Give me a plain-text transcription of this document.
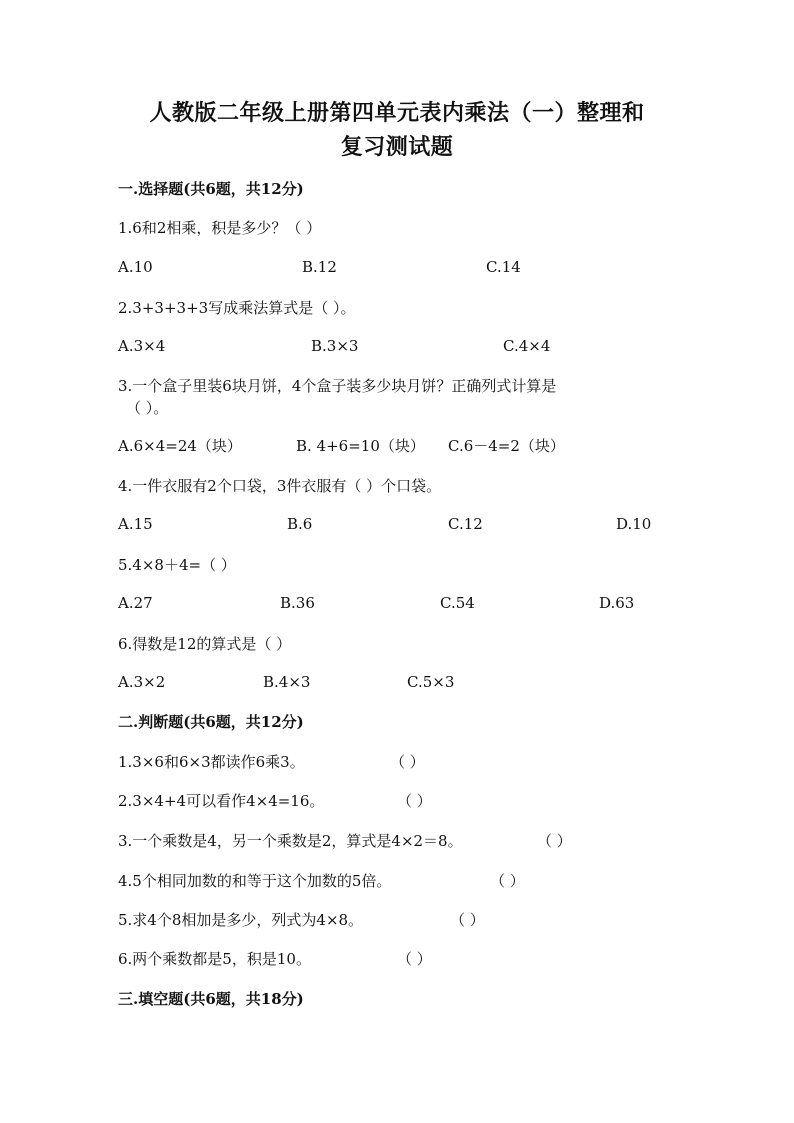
人教版二年级上册第四单元表内乘法（一）整理和
复习测试题
一.选择题(共6题，共12分)
1.6和2相乘，积是多少？（ ）
A.10	B.12	C.14
2.3+3+3+3写成乘法算式是（ ）。
A.3×4	B.3×3	C.4×4
3.一个盒子里装6块月饼，4个盒子装多少块月饼？正确列式计算是
（ ）。
A.6×4=24（块）	B. 4+6=10（块） C.6－4=2（块）
4.一件衣服有2个口袋，3件衣服有（ ）个口袋。
A.15	B.6	C.12	D.10
5.4×8＋4=（ ）
A.27	B.36	C.54	D.63
6.得数是12的算式是（ ）
A.3×2	B.4×3	C.5×3
二.判断题(共6题，共12分)
1.3×6和6×3都读作6乘3。	（ ）
2.3×4+4可以看作4×4=16。	（ ）
3.一个乘数是4，另一个乘数是2，算式是4×2＝8。	（ ）
4.5个相同加数的和等于这个加数的5倍。	（ ）
5.求4个8相加是多少，列式为4×8。	（ ）
6.两个乘数都是5，积是10。	（ ）
三.填空题(共6题，共18分)
